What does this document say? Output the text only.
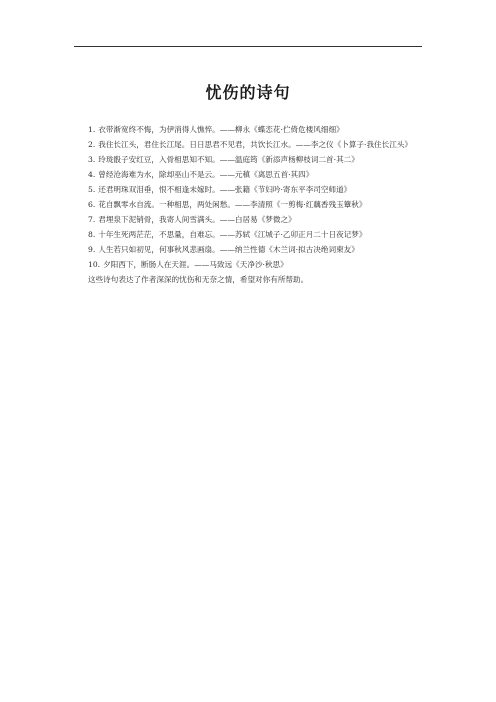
忧伤的诗句
1. 衣带渐宽终不悔，为伊消得人憔悴。——柳永《蝶恋花·伫倚危楼风细细》
2. 我住长江头，君住长江尾。日日思君不见君，共饮长江水。——李之仪《卜算子·我住长江头》
3. 玲珑骰子安红豆，入骨相思知不知。——温庭筠《新添声杨柳枝词二首·其二》
4. 曾经沧海难为水，除却巫山不是云。——元稹《离思五首·其四》
5. 还君明珠双泪垂，恨不相逢未嫁时。——张籍《节妇吟·寄东平李司空师道》
6. 花自飘零水自流。一种相思，两处闲愁。——李清照《一剪梅·红藕香残玉簟秋》
7. 君埋泉下泥销骨，我寄人间雪满头。——白居易《梦微之》
8. 十年生死两茫茫，不思量，自难忘。——苏轼《江城子·乙卯正月二十日夜记梦》
9. 人生若只如初见，何事秋风悲画扇。——纳兰性德《木兰词·拟古决绝词柬友》
10. 夕阳西下，断肠人在天涯。——马致远《天净沙·秋思》
这些诗句表达了作者深深的忧伤和无奈之情，希望对你有所帮助。
